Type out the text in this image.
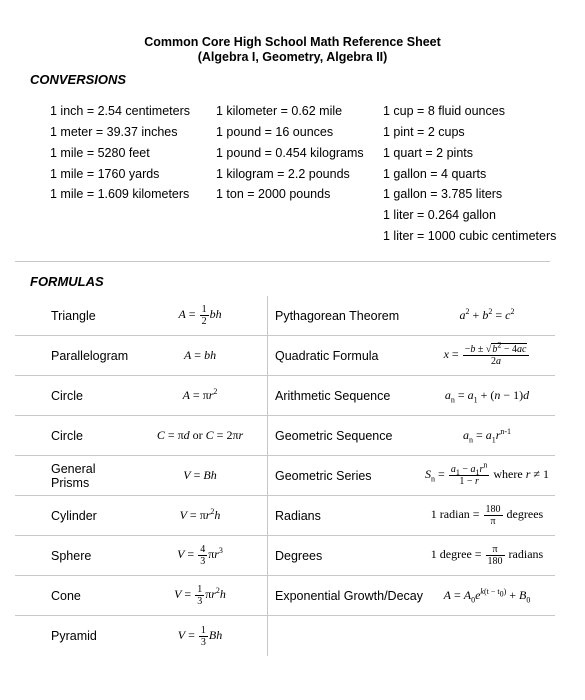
Common Core High School Math Reference Sheet
(Algebra I, Geometry, Algebra II)
CONVERSIONS
1 inch = 2.54 centimeters
1 meter = 39.37 inches
1 mile = 5280 feet
1 mile = 1760 yards
1 mile = 1.609 kilometers
1 kilometer = 0.62 mile
1 pound = 16 ounces
1 pound = 0.454 kilograms
1 kilogram = 2.2 pounds
1 ton = 2000 pounds
1 cup = 8 fluid ounces
1 pint = 2 cups
1 quart = 2 pints
1 gallon = 4 quarts
1 gallon = 3.785 liters
1 liter = 0.264 gallon
1 liter = 1000 cubic centimeters
FORMULAS
Triangle	$A = \frac{1}{2}$ bh	Pythagorean Theorem	$a^2 + b^2 = c^2$
Parallelogram	A = bh	Quadratic Formula	$x = \frac{-b \pm √b^2 - 4ac}{2a}$

Circle	$A = \pi r^2$	Arithmetic Sequence	$a_n = a_1 + (n - 1)d$
Circle	C = πd or C = 2πr	Geometric Sequence	$a_n = a_1r^{n-1}$
General Prisms	V = Bh	Geometric Series	$S_n = \frac{a_1 - a_1r^n}{1 - r}$ where r ≠ 1
Cylinder	$V = \pi r^2h$	Radians	1 radian = $\frac{180}{\pi}$ degrees
Sphere	$V = \frac{4}{3} \pi r^3$	Degrees	1 degree = $\frac{\pi}{180}$ radians
Cone	$V = \frac{1}{3} \pi r^2h$	Exponential Growth/Decay	$A = A_0e^{k(t - t_0)} + B_0$
Pyramid	$V = \frac{1}{3}$ Bh		
